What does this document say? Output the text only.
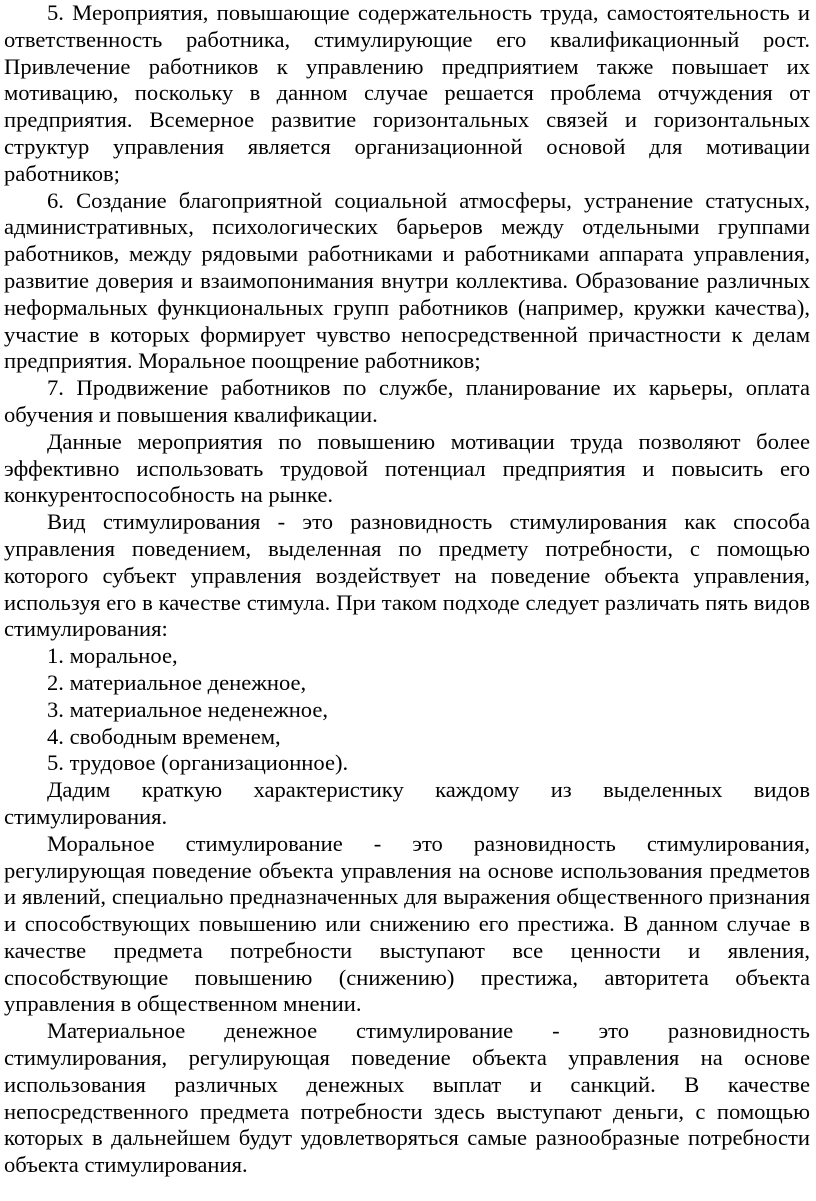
5. Мероприятия, повышающие содержательность труда, самостоятельность и ответственность работника, стимулирующие его квалификационный рост. Привлечение работников к управлению предприятием также повышает их мотивацию, поскольку в данном случае решается проблема отчуждения от предприятия. Всемерное развитие горизонтальных связей и горизонтальных структур управления является организационной основой для мотивации работников;

6. Создание благоприятной социальной атмосферы, устранение статусных, административных, психологических барьеров между отдельными группами работников, между рядовыми работниками и работниками аппарата управления, развитие доверия и взаимопонимания внутри коллектива. Образование различных неформальных функциональных групп работников (например, кружки качества), участие в которых формирует чувство непосредственной причастности к делам предприятия. Моральное поощрение работников;

7. Продвижение работников по службе, планирование их карьеры, оплата обучения и повышения квалификации.

Данные мероприятия по повышению мотивации труда позволяют более эффективно использовать трудовой потенциал предприятия и повысить его конкурентоспособность на рынке.

Вид стимулирования - это разновидность стимулирования как способа управления поведением, выделенная по предмету потребности, с помощью которого субъект управления воздействует на поведение объекта управления, используя его в качестве стимула. При таком подходе следует различать пять видов стимулирования:

1. моральное,
2. материальное денежное,
3. материальное неденежное,
4. свободным временем,
5. трудовое (организационное).

Дадим краткую характеристику каждому из выделенных видов стимулирования.

Моральное стимулирование - это разновидность стимулирования, регулирующая поведение объекта управления на основе использования предметов и явлений, специально предназначенных для выражения общественного признания и способствующих повышению или снижению его престижа. В данном случае в качестве предмета потребности выступают все ценности и явления, способствующие повышению (снижению) престижа, авторитета объекта управления в общественном мнении.

Материальное денежное стимулирование - это разновидность стимулирования, регулирующая поведение объекта управления на основе использования различных денежных выплат и санкций. В качестве непосредственного предмета потребности здесь выступают деньги, с помощью которых в дальнейшем будут удовлетворяться самые разнообразные потребности объекта стимулирования.
